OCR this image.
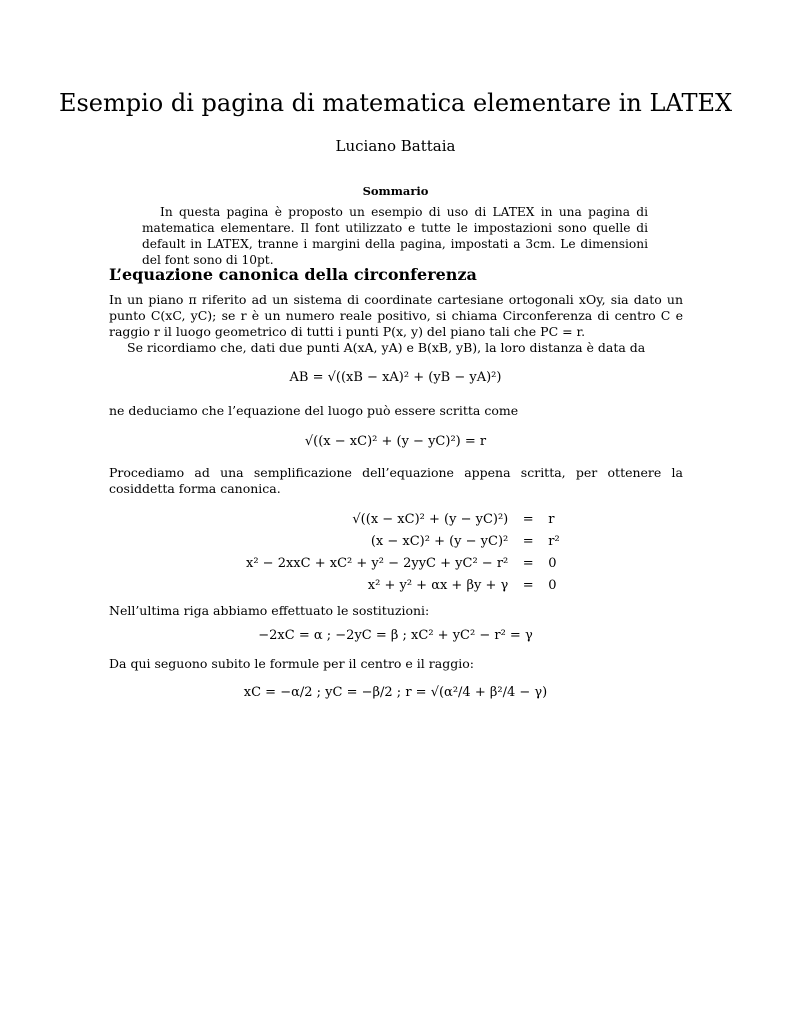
Esempio di pagina di matematica elementare in LATEX
Luciano Battaia
Sommario
In questa pagina è proposto un esempio di uso di LATEX in una pagina di matematica elementare. Il font utilizzato e tutte le impostazioni sono quelle di default in LATEX, tranne i margini della pagina, impostati a 3cm. Le dimensioni del font sono di 10pt.
L’equazione canonica della circonferenza
In un piano π riferito ad un sistema di coordinate cartesiane ortogonali xOy, sia dato un punto C(xC, yC); se r è un numero reale positivo, si chiama Circonferenza di centro C e raggio r il luogo geometrico di tutti i punti P(x, y) del piano tali che PC = r.
Se ricordiamo che, dati due punti A(xA, yA) e B(xB, yB), la loro distanza è data da
AB = √((xB − xA)² + (yB − yA)²)
ne deduciamo che l’equazione del luogo può essere scritta come
√((x − xC)² + (y − yC)²) = r
Procediamo ad una semplificazione dell’equazione appena scritta, per ottenere la cosiddetta forma canonica.
√((x − xC)² + (y − yC)²)	=	r
(x − xC)² + (y − yC)²	=	r²
x² − 2xxC + xC² + y² − 2yyC + yC² − r²	=	0
x² + y² + αx + βy + γ	=	0
Nell’ultima riga abbiamo effettuato le sostituzioni:
−2xC = α ; −2yC = β ; xC² + yC² − r² = γ
Da qui seguono subito le formule per il centro e il raggio:
xC = −α/2 ; yC = −β/2 ; r = √(α²/4 + β²/4 − γ)
